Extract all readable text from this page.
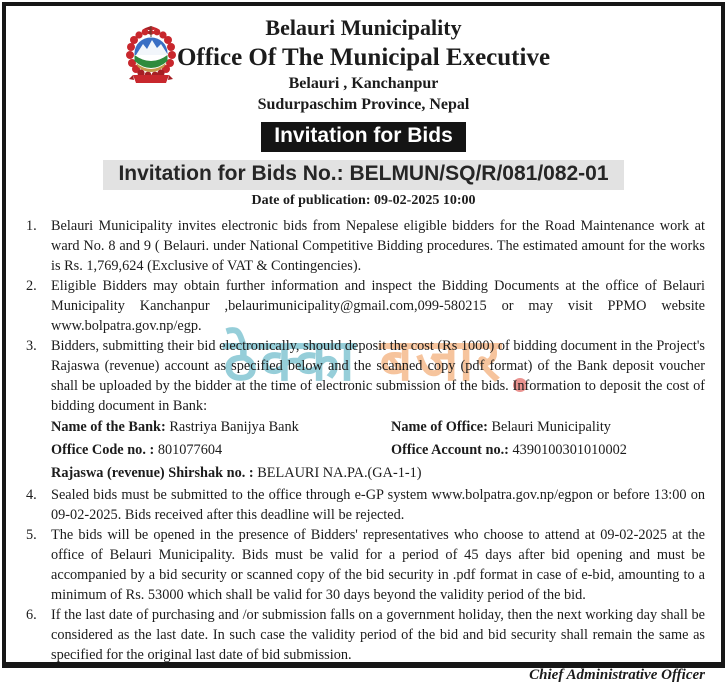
ठेक्का बजार
Belauri Municipality
Office Of The Municipal Executive
Belauri , Kanchanpur
Sudurpaschim Province, Nepal
Invitation for Bids
Invitation for Bids No.: BELMUN/SQ/R/081/082-01
Date of publication: 09-02-2025 10:00
1. Belauri Municipality invites electronic bids from Nepalese eligible bidders for the Road Maintenance work at ward No. 8 and 9 ( Belauri. under National Competitive Bidding procedures. The estimated amount for the works is Rs. 1,769,624 (Exclusive of VAT & Contingencies).
2. Eligible Bidders may obtain further information and inspect the Bidding Documents at the office of Belauri Municipality Kanchanpur ,belaurimunicipality@gmail.com,099-580215 or may visit PPMO website www.bolpatra.gov.np/egp.
3. Bidders, submitting their bid electronically, should deposit the cost (Rs 1000) of bidding document in the Project's Rajaswa (revenue) account as specified below and the scanned copy (pdf format) of the Bank deposit voucher shall be uploaded by the bidder at the time of electronic submission of the bids. Information to deposit the cost of bidding document in Bank:
Name of the Bank: Rastriya Banijya Bank	Name of Office: Belauri Municipality
Office Code no. : 801077604	Office Account no.: 4390100301010002
Rajaswa (revenue) Shirshak no. : BELAURI NA.PA.(GA-1-1)
4. Sealed bids must be submitted to the office through e-GP system www.bolpatra.gov.np/egpon or before 13:00 on 09-02-2025. Bids received after this deadline will be rejected.
5. The bids will be opened in the presence of Bidders' representatives who choose to attend at 09-02-2025 at the office of Belauri Municipality. Bids must be valid for a period of 45 days after bid opening and must be accompanied by a bid security or scanned copy of the bid security in .pdf format in case of e-bid, amounting to a minimum of Rs. 53000 which shall be valid for 30 days beyond the validity period of the bid.
6. If the last date of purchasing and /or submission falls on a government holiday, then the next working day shall be considered as the last date. In such case the validity period of the bid and bid security shall remain the same as specified for the original last date of bid submission.
Chief Administrative Officer
